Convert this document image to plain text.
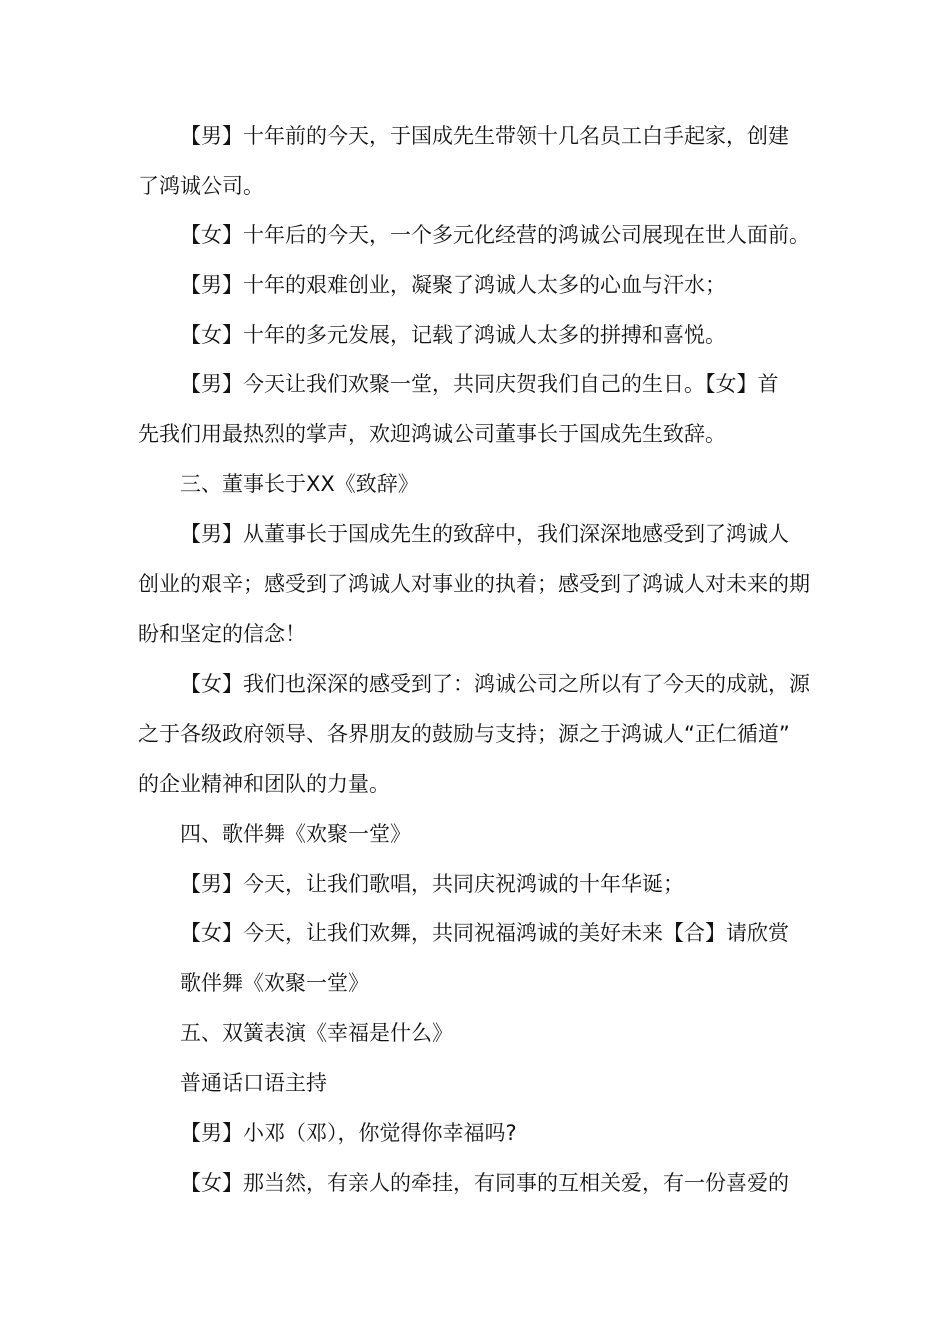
【男】十年前的今天，于国成先生带领十几名员工白手起家，创建
了鸿诚公司。
【女】十年后的今天，一个多元化经营的鸿诚公司展现在世人面前。
【男】十年的艰难创业，凝聚了鸿诚人太多的心血与汗水；
【女】十年的多元发展，记载了鸿诚人太多的拼搏和喜悦。
【男】今天让我们欢聚一堂，共同庆贺我们自己的生日。【女】首
先我们用最热烈的掌声，欢迎鸿诚公司董事长于国成先生致辞。
三、董事长于XX《致辞》
【男】从董事长于国成先生的致辞中，我们深深地感受到了鸿诚人
创业的艰辛；感受到了鸿诚人对事业的执着；感受到了鸿诚人对未来的期
盼和坚定的信念！
【女】我们也深深的感受到了：鸿诚公司之所以有了今天的成就，源
之于各级政府领导、各界朋友的鼓励与支持；源之于鸿诚人“正仁循道”
的企业精神和团队的力量。
四、歌伴舞《欢聚一堂》
【男】今天，让我们歌唱，共同庆祝鸿诚的十年华诞；
【女】今天，让我们欢舞，共同祝福鸿诚的美好未来【合】请欣赏
歌伴舞《欢聚一堂》
五、双簧表演《幸福是什么》
普通话口语主持
【男】小邓（邓），你觉得你幸福吗?
【女】那当然，有亲人的牵挂，有同事的互相关爱，有一份喜爱的
